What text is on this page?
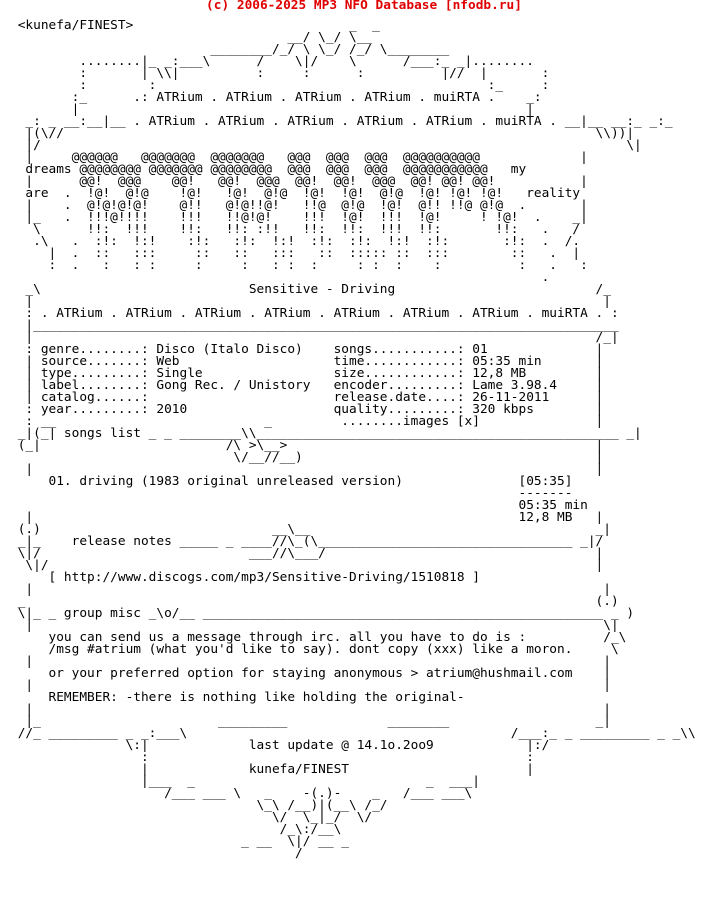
(c) 2006-2025 MP3 NFO Database [nfodb.ru]
<kunefa/FINEST>                            _  _
__/ \_/ \__
________/_/ \ \_/ /_/ \________
........|_ _:___\      /    \|/    \      /___:_ _|........
:       | \\|          :     :      :          |//  |       :
:        :                                           :_     :
:_      .: ATRium . ATRium . ATRium . ATRium . muiRTA .    _:
|                                                          |
_: _ __:__|__ . ATRium . ATRium . ATRium . ATRium . ATRium . muiRTA . __|__ __:_ _:_
|(\//                                                                     \\))|
|/                                                                            \|
|     @@@@@@   @@@@@@@  @@@@@@@   @@@  @@@  @@@  @@@@@@@@@@             |
dreams @@@@@@@@ @@@@@@@ @@@@@@@@  @@@  @@@  @@@  @@@@@@@@@@@   my
|      @@!  @@@    @@!   @@!  @@@  @@!  @@!  @@@  @@! @@! @@!           |
are  .  !@!  @!@    !@!   !@!  @!@  !@!  !@!  @!@  !@! !@! !@!   reality
|    .  @!@!@!@!    @!!   @!@!!@!   !!@  @!@  !@!  @!! !!@ @!@  .       |
|_   .  !!!@!!!!    !!!   !!@!@!    !!!  !@!  !!!  !@!     ! !@!  .    _|
\      !!:  !!!    !!:   !!: :!!   !!:  !!:  !!!  !!:       !!:   .   /
.\   .  :!:  !:!    :!:   :!:  !:!  :!:  :!:  !:!  :!:       :!:  .  /.
|  .  ::   :::     ::   ::   :::   ::  ::::: ::  :::        ::   .  |
:  .   :   : :     :     :   : :  :     : :  :    :          :   .   :
.
_\                           Sensitive - Driving                          /_
|                                                                          |
: . ATRium . ATRium . ATRium . ATRium . ATRium . ATRium . ATRium . muiRTA . :
|____________________________________________________________________________
|                                                                         /_|
: genre........: Disco (Italo Disco)    songs...........: 01              |
| source.......: Web                    time............: 05:35 min       |
| type.........: Single                 size............: 12,8 MB         |
| label........: Gong Rec. / Unistory   encoder.........: Lame 3.98.4     |
| catalog......:                        release.date....: 26-11-2011      |
: year.........: 2010                   quality.........: 320 kbps        |
: __                           _         ........images [x]               |
_|(_| songs list _ _ ________\\_______________________________________________ _|
(_|                        /\ >\__>                                        |
\/__//__)                                      |
|                                                                         |
01. driving (1983 original unreleased version)               [05:35]
-------
05:35 min
|                                                               12,8 MB   |
(.)                              __\__                                     _|
_|_    release notes _____ _ ____//\_(\_________________________________ _|/
\|/                           ___//\___/                                   |
\|/                                                                       |
[ http://www.discogs.com/mp3/Sensitive-Driving/1510818 ]
|                                                                          |
_                                                                          (.)
\|_ _ group misc _\o/__ ____________________________________________________ _ )
|                                                                          \|
you can send us a message through irc. all you have to do is :          /_\
/msg #atrium (what you'd like to say). dont copy (xxx) like a moron.     \
|                                                                          |
or your preferred option for staying anonymous > atrium@hushmail.com    |
|                                                                          |
REMEMBER: -there is nothing like holding the original-
|                                                                          |
|_                       _________             ________                   _|
//_ _________ _ _:___\                                          /___:_ _ _________ _ _\\
\:|             last update @ 14.1o.2oo9            |:/
:                                                 :
|             kunefa/FINEST                       |
|___  _                              _  ___|
/___ ___ \   _    -(.)-    _   /___ ___\
\_\ /__)|(__\ /_/
\/  \_|_/  \/
/_\:/__\
_ __  \|/ __ _
/
